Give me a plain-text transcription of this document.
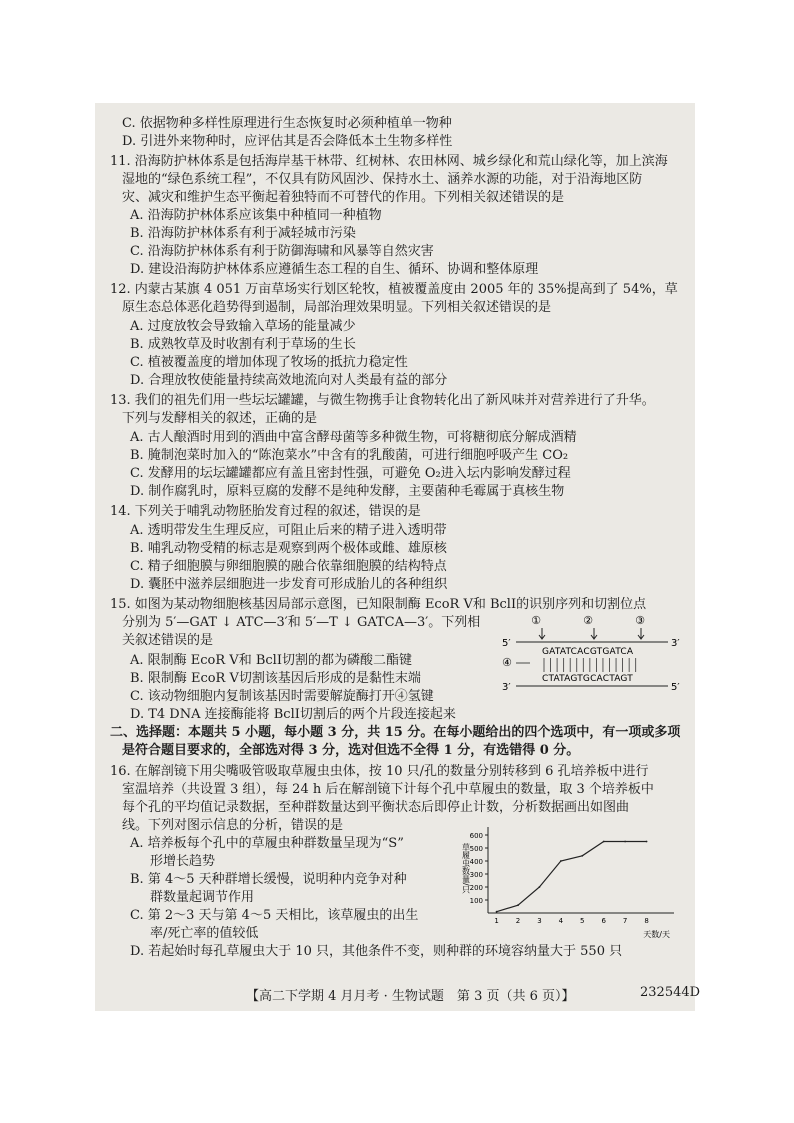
C. 依据物种多样性原理进行生态恢复时必须种植单一物种
D. 引进外来物种时，应评估其是否会降低本土生物多样性
11. 沿海防护林体系是包括海岸基干林带、红树林、农田林网、城乡绿化和荒山绿化等，加上滨海
湿地的“绿色系统工程”，不仅具有防风固沙、保持水土、涵养水源的功能，对于沿海地区防
灾、减灾和维护生态平衡起着独特而不可替代的作用。下列相关叙述错误的是
A. 沿海防护林体系应该集中种植同一种植物
B. 沿海防护林体系有利于减轻城市污染
C. 沿海防护林体系有利于防御海啸和风暴等自然灾害
D. 建设沿海防护林体系应遵循生态工程的自生、循环、协调和整体原理
12. 内蒙古某旗 4 051 万亩草场实行划区轮牧，植被覆盖度由 2005 年的 35%提高到了 54%，草
原生态总体恶化趋势得到遏制，局部治理效果明显。下列相关叙述错误的是
A. 过度放牧会导致输入草场的能量减少
B. 成熟牧草及时收割有利于草场的生长
C. 植被覆盖度的增加体现了牧场的抵抗力稳定性
D. 合理放牧使能量持续高效地流向对人类最有益的部分
13. 我们的祖先们用一些坛坛罐罐，与微生物携手让食物转化出了新风味并对营养进行了升华。
下列与发酵相关的叙述，正确的是
A. 古人酿酒时用到的酒曲中富含酵母菌等多种微生物，可将糖彻底分解成酒精
B. 腌制泡菜时加入的“陈泡菜水”中含有的乳酸菌，可进行细胞呼吸产生 CO₂
C. 发酵用的坛坛罐罐都应有盖且密封性强，可避免 O₂进入坛内影响发酵过程
D. 制作腐乳时，原料豆腐的发酵不是纯种发酵，主要菌种毛霉属于真核生物
14. 下列关于哺乳动物胚胎发育过程的叙述，错误的是
A. 透明带发生生理反应，可阻止后来的精子进入透明带
B. 哺乳动物受精的标志是观察到两个极体或雌、雄原核
C. 精子细胞膜与卵细胞膜的融合依靠细胞膜的结构特点
D. 囊胚中滋养层细胞进一步发育可形成胎儿的各种组织
15. 如图为某动物细胞核基因局部示意图，已知限制酶 EcoR Ⅴ和 BclⅠ的识别序列和切割位点
分别为 5′—GAT ↓ ATC—3′和 5′—T ↓ GATCA—3′。下列相
关叙述错误的是
A. 限制酶 EcoR Ⅴ和 BclⅠ切割的都为磷酸二酯键
B. 限制酶 EcoR Ⅴ切割该基因后形成的是黏性末端
C. 该动物细胞内复制该基因时需要解旋酶打开④氢键
D. T4 DNA 连接酶能将 BclⅠ切割后的两个片段连接起来
二、选择题：本题共 5 小题，每小题 3 分，共 15 分。在每小题给出的四个选项中，有一项或多项
是符合题目要求的，全部选对得 3 分，选对但选不全得 1 分，有选错得 0 分。
16. 在解剖镜下用尖嘴吸管吸取草履虫虫体，按 10 只/孔的数量分别转移到 6 孔培养板中进行
室温培养（共设置 3 组），每 24 h 后在解剖镜下计每个孔中草履虫的数量，取 3 个培养板中
每个孔的平均值记录数据，至种群数量达到平衡状态后即停止计数，分析数据画出如图曲
线。下列对图示信息的分析，错误的是
A. 培养板每个孔中的草履虫种群数量呈现为“S”
形增长趋势
B. 第 4～5 天种群增长缓慢，说明种内竞争对种
群数量起调节作用
C. 第 2～3 天与第 4～5 天相比，该草履虫的出生
率/死亡率的值较低
D. 若起始时每孔草履虫大于 10 只，其他条件不变，则种群的环境容纳量大于 550 只
①	②	③
5′	3′
GATATCACGTGATCA
④
CTATAGTGCACTAGT
3′	5′
100
200
300
400
500
600
1 2 3 4 5 6 7 8
草履虫数量/只
天数/天
【高二下学期 4 月月考 · 生物试题　第 3 页（共 6 页）】	232544D
